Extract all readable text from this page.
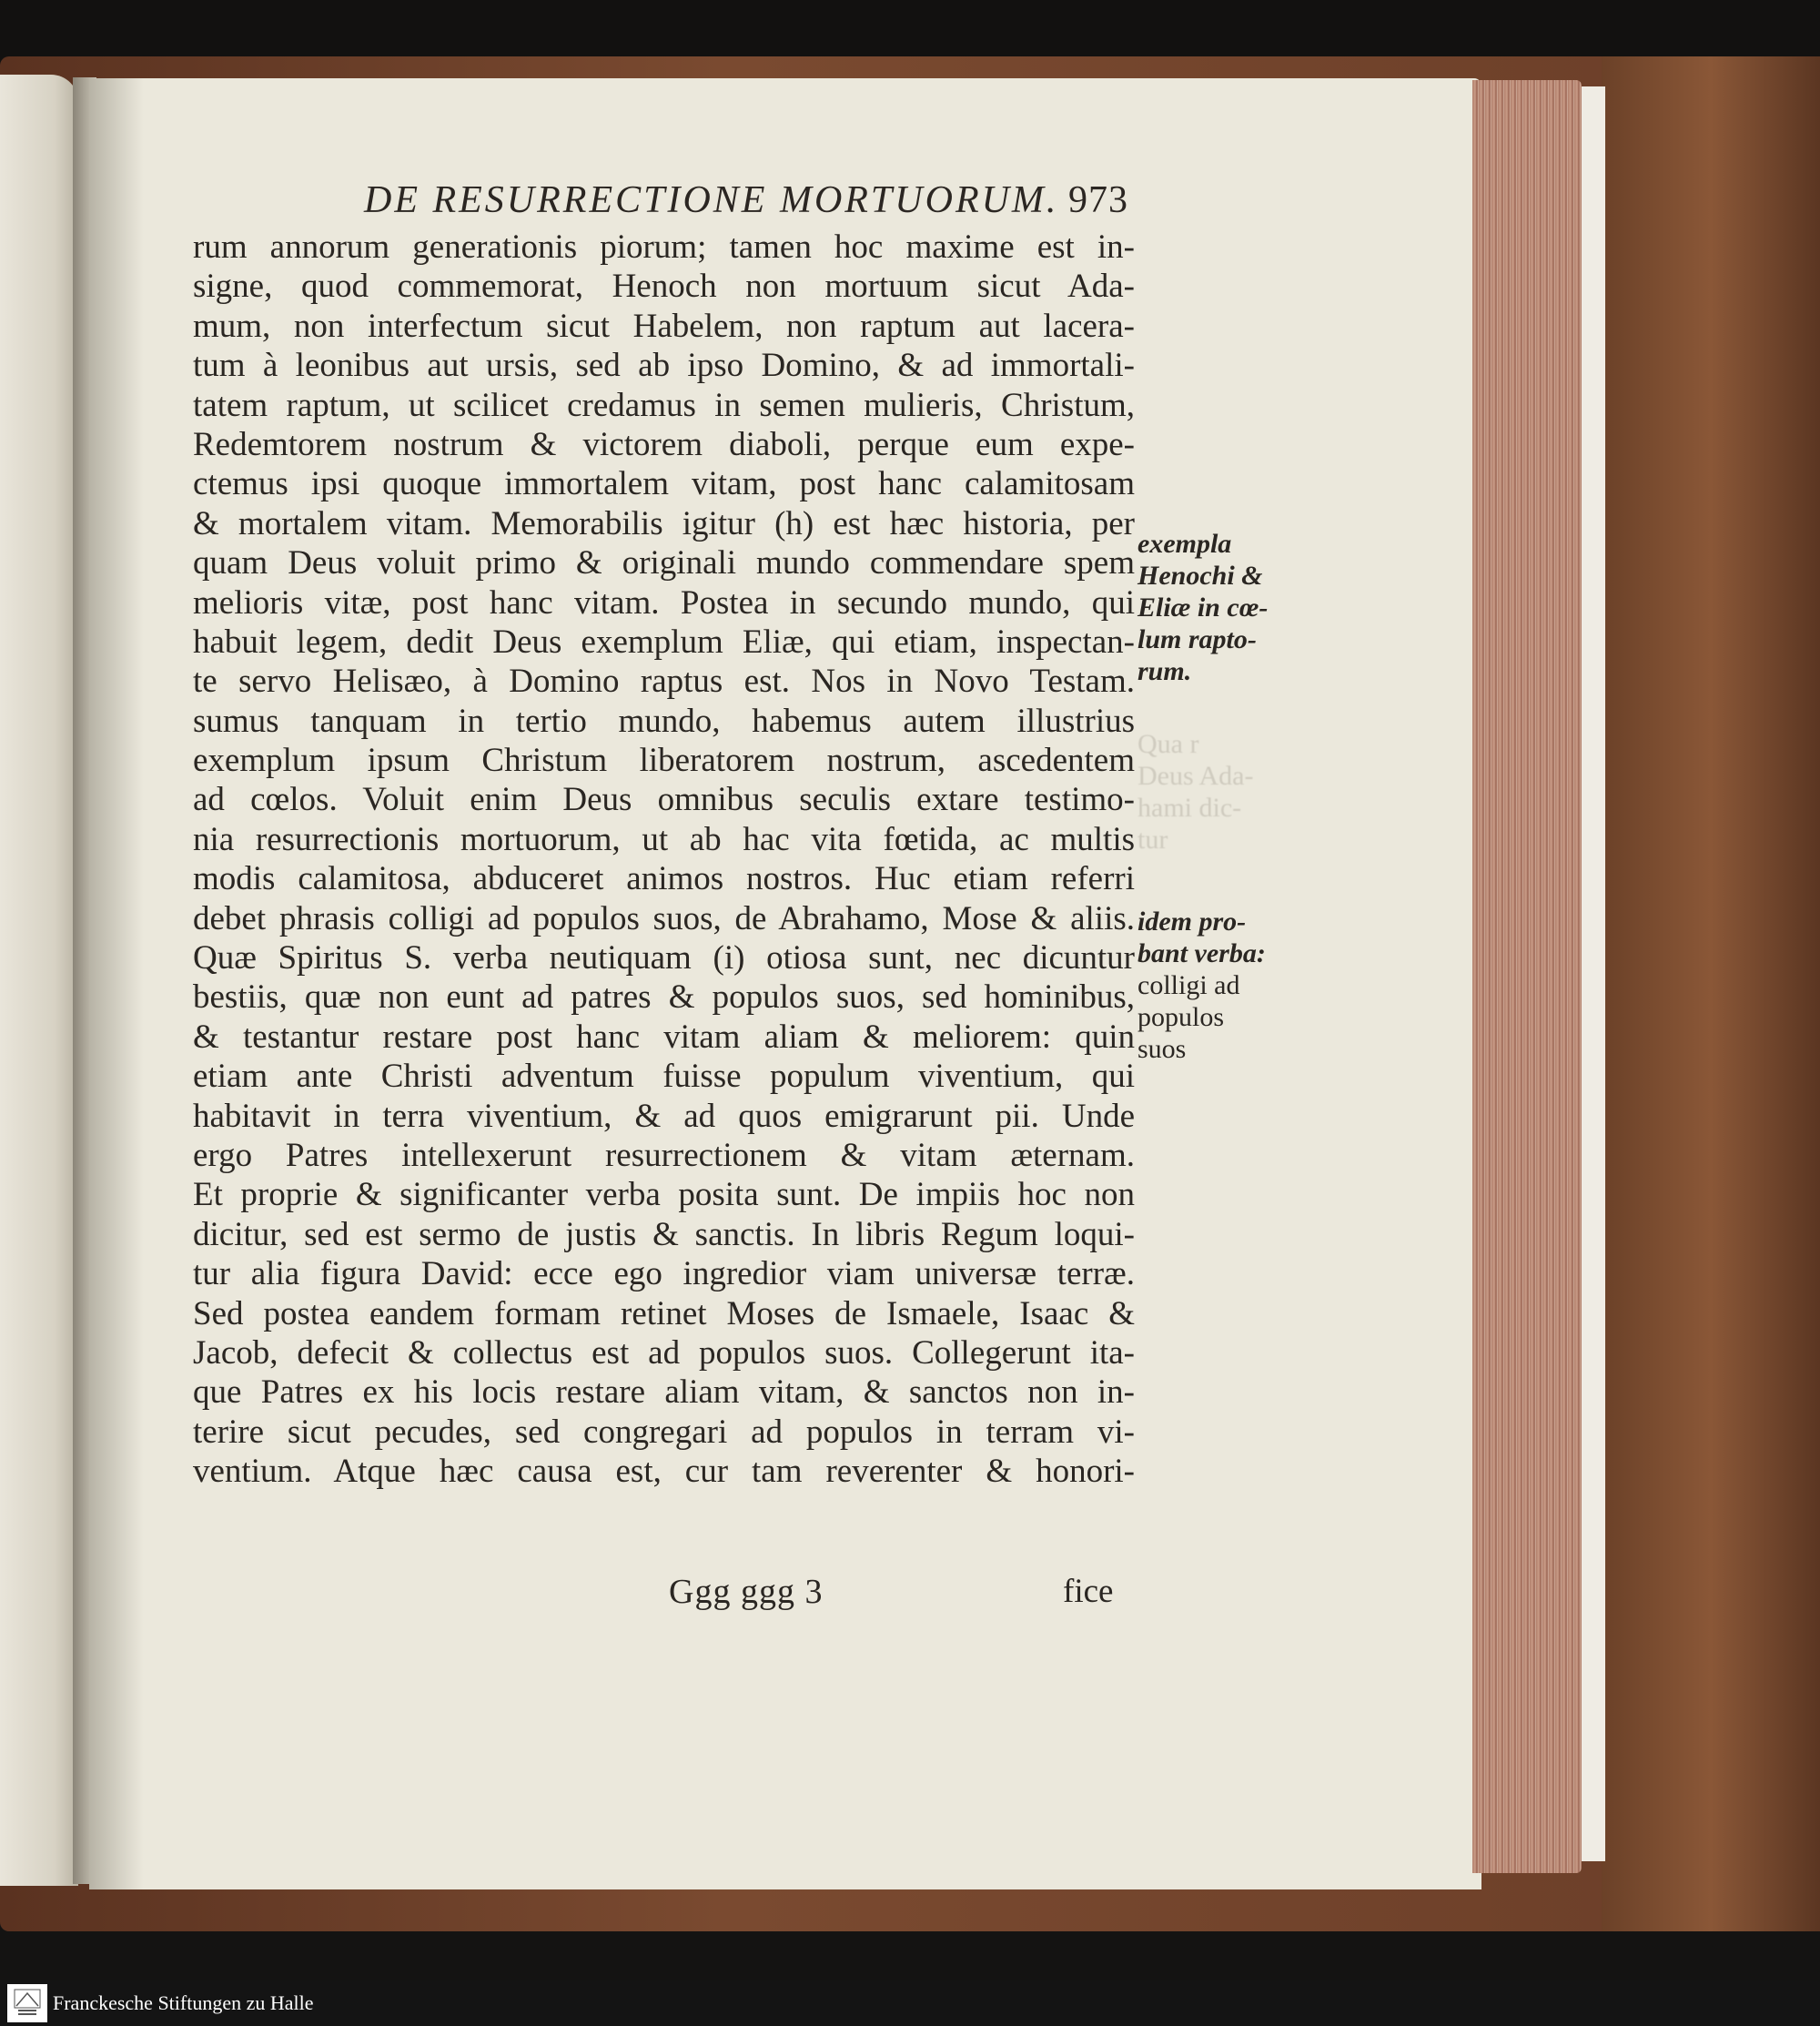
DE RESURRECTIONE MORTUORUM. 973
rum annorum generationis piorum; tamen hoc maxime est in-
signe, quod commemorat, Henoch non mortuum sicut Ada-
mum, non interfectum sicut Habelem, non raptum aut lacera-
tum à leonibus aut ursis, sed ab ipso Domino, & ad immortali-
tatem raptum, ut scilicet credamus in semen mulieris, Christum,
Redemtorem nostrum & victorem diaboli, perque eum expe-
ctemus ipsi quoque immortalem vitam, post hanc calamitosam
& mortalem vitam. Memorabilis igitur (h) est hæc historia, per
quam Deus voluit primo & originali mundo commendare spem
melioris vitæ, post hanc vitam. Postea in secundo mundo, qui
habuit legem, dedit Deus exemplum Eliæ, qui etiam, inspectan-
te servo Helisæo, à Domino raptus est. Nos in Novo Testam.
sumus tanquam in tertio mundo, habemus autem illustrius
exemplum ipsum Christum liberatorem nostrum, ascedentem
ad cœlos. Voluit enim Deus omnibus seculis extare testimo-
nia resurrectionis mortuorum, ut ab hac vita fœtida, ac multis
modis calamitosa, abduceret animos nostros. Huc etiam referri
debet phrasis colligi ad populos suos, de Abrahamo, Mose & aliis.
Quæ Spiritus S. verba neutiquam (i) otiosa sunt, nec dicuntur
bestiis, quæ non eunt ad patres & populos suos, sed hominibus,
& testantur restare post hanc vitam aliam & meliorem: quin
etiam ante Christi adventum fuisse populum viventium, qui
habitavit in terra viventium, & ad quos emigrarunt pii. Unde
ergo Patres intellexerunt resurrectionem & vitam æternam.
Et proprie & significanter verba posita sunt. De impiis hoc non
dicitur, sed est sermo de justis & sanctis. In libris Regum loqui-
tur alia figura David: ecce ego ingredior viam universæ terræ.
Sed postea eandem formam retinet Moses de Ismaele, Isaac &
Jacob, defecit & collectus est ad populos suos. Collegerunt ita-
que Patres ex his locis restare aliam vitam, & sanctos non in-
terire sicut pecudes, sed congregari ad populos in terram vi-
ventium. Atque hæc causa est, cur tam reverenter & honori-
exempla
Henochi &
Eliæ in cœ-
lum rapto-
rum.
idem pro-
bant verba:
colligi ad
populos
suos
Qua r
Deus Ada-
hami dic-
tur
Ggg ggg 3	fice
Franckesche Stiftungen zu Halle
